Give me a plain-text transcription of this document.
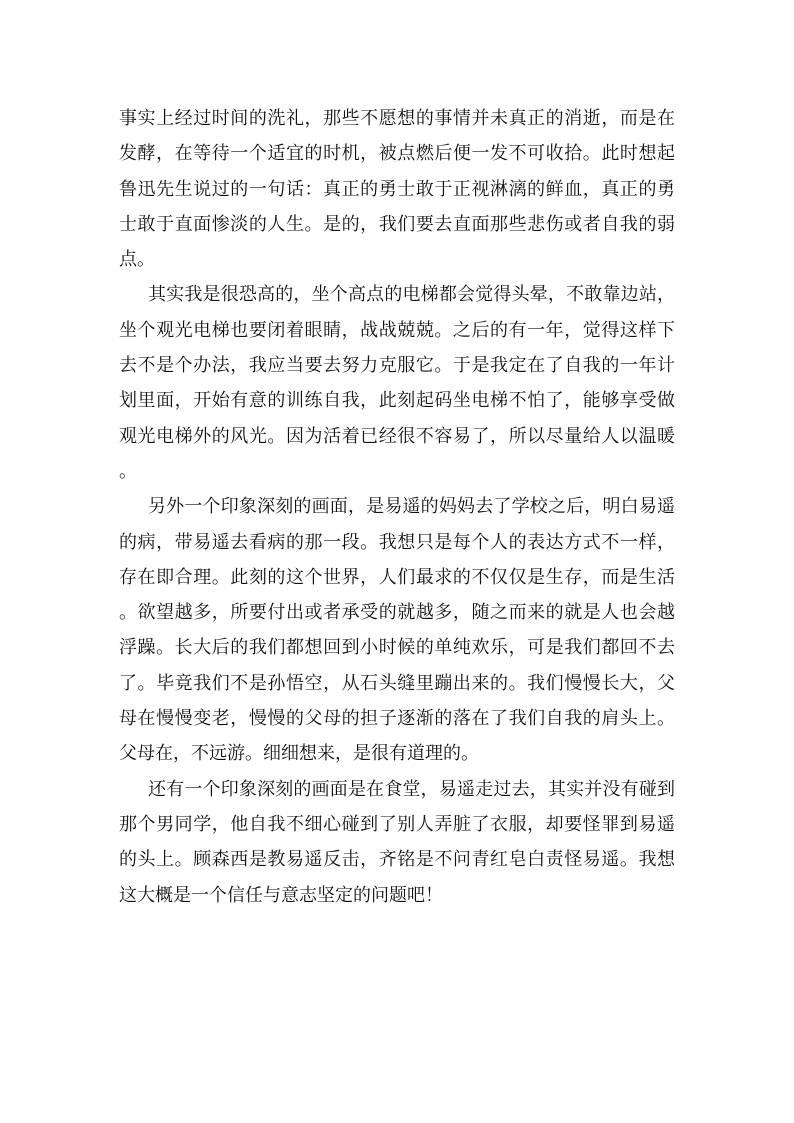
事实上经过时间的洗礼，那些不愿想的事情并未真正的消逝，而是在发酵，在等待一个适宜的时机，被点燃后便一发不可收拾。此时想起鲁迅先生说过的一句话：真正的勇士敢于正视淋漓的鲜血，真正的勇士敢于直面惨淡的人生。是的，我们要去直面那些悲伤或者自我的弱点。

其实我是很恐高的，坐个高点的电梯都会觉得头晕，不敢靠边站，坐个观光电梯也要闭着眼睛，战战兢兢。之后的有一年，觉得这样下去不是个办法，我应当要去努力克服它。于是我定在了自我的一年计划里面，开始有意的训练自我，此刻起码坐电梯不怕了，能够享受做观光电梯外的风光。因为活着已经很不容易了，所以尽量给人以温暖。

另外一个印象深刻的画面，是易遥的妈妈去了学校之后，明白易遥的病，带易遥去看病的那一段。我想只是每个人的表达方式不一样，存在即合理。此刻的这个世界，人们最求的不仅仅是生存，而是生活。欲望越多，所要付出或者承受的就越多，随之而来的就是人也会越浮躁。长大后的我们都想回到小时候的单纯欢乐，可是我们都回不去了。毕竟我们不是孙悟空，从石头缝里蹦出来的。我们慢慢长大，父母在慢慢变老，慢慢的父母的担子逐渐的落在了我们自我的肩头上。父母在，不远游。细细想来，是很有道理的。

还有一个印象深刻的画面是在食堂，易遥走过去，其实并没有碰到那个男同学，他自我不细心碰到了别人弄脏了衣服，却要怪罪到易遥的头上。顾森西是教易遥反击，齐铭是不问青红皂白责怪易遥。我想这大概是一个信任与意志坚定的问题吧！
